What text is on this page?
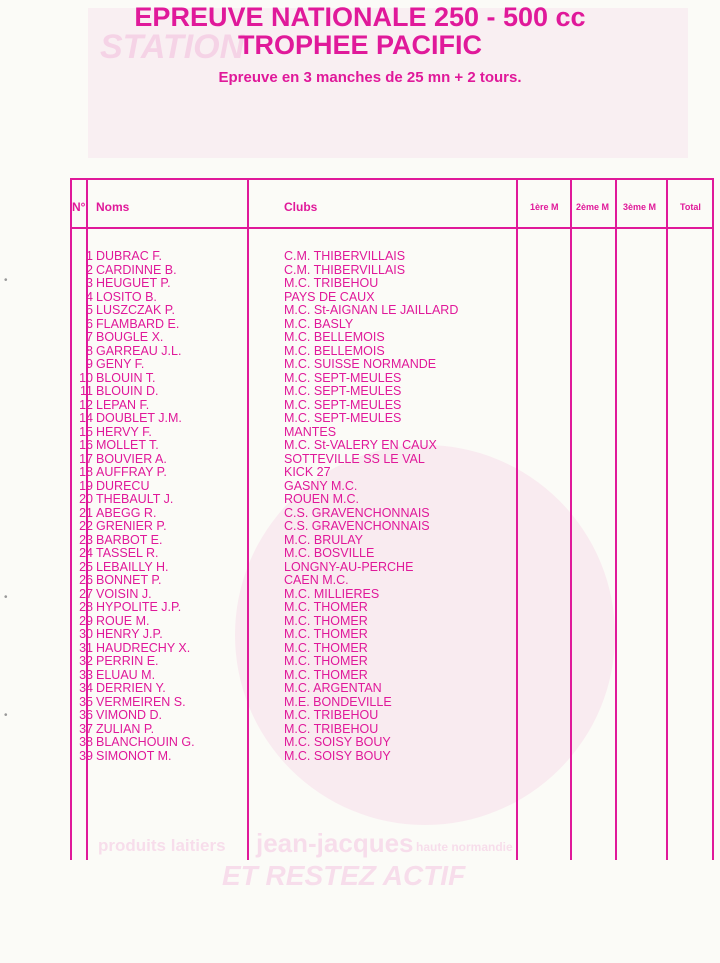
STATION
produits laitiers jean-jacques haute normandie
ET RESTEZ ACTIF
EPREUVE NATIONALE 250 - 500 cc
TROPHEE PACIFIC
Epreuve en 3 manches de 25 mn + 2 tours.
N° Noms	Clubs	1ère M 2ème M 3ème M	Total
1 DUBRAC F.	C.M. THIBERVILLAIS
2 CARDINNE B.	C.M. THIBERVILLAIS
3 HEUGUET P.	M.C. TRIBEHOU
4 LOSITO B.	PAYS DE CAUX
5 LUSZCZAK P.	M.C. St-AIGNAN LE JAILLARD
6 FLAMBARD E.	M.C. BASLY
7 BOUGLE X.	M.C. BELLEMOIS
8 GARREAU J.L.	M.C. BELLEMOIS
9 GENY F.	M.C. SUISSE NORMANDE
10 BLOUIN T.	M.C. SEPT-MEULES
11 BLOUIN D.	M.C. SEPT-MEULES
12 LEPAN F.	M.C. SEPT-MEULES
14 DOUBLET J.M.	M.C. SEPT-MEULES
15 HERVY F.	MANTES
16 MOLLET T.	M.C. St-VALERY EN CAUX
17 BOUVIER A.	SOTTEVILLE SS LE VAL
18 AUFFRAY P.	KICK 27
19 DURECU	GASNY M.C.
20 THEBAULT J.	ROUEN M.C.
21 ABEGG R.	C.S. GRAVENCHONNAIS
22 GRENIER P.	C.S. GRAVENCHONNAIS
23 BARBOT E.	M.C. BRULAY
24 TASSEL R.	M.C. BOSVILLE
25 LEBAILLY H.	LONGNY-AU-PERCHE
26 BONNET P.	CAEN M.C.
27 VOISIN J.	M.C. MILLIERES
28 HYPOLITE J.P.	M.C. THOMER
29 ROUE M.	M.C. THOMER
30 HENRY J.P.	M.C. THOMER
31 HAUDRECHY X.	M.C. THOMER
32 PERRIN E.	M.C. THOMER
33 ELUAU M.	M.C. THOMER
34 DERRIEN Y.	M.C. ARGENTAN
35 VERMEIREN S.	M.E. BONDEVILLE
36 VIMOND D.	M.C. TRIBEHOU
37 ZULIAN P.	M.C. TRIBEHOU
38 BLANCHOUIN G.	M.C. SOISY BOUY
39 SIMONOT M.	M.C. SOISY BOUY
•
•
•
